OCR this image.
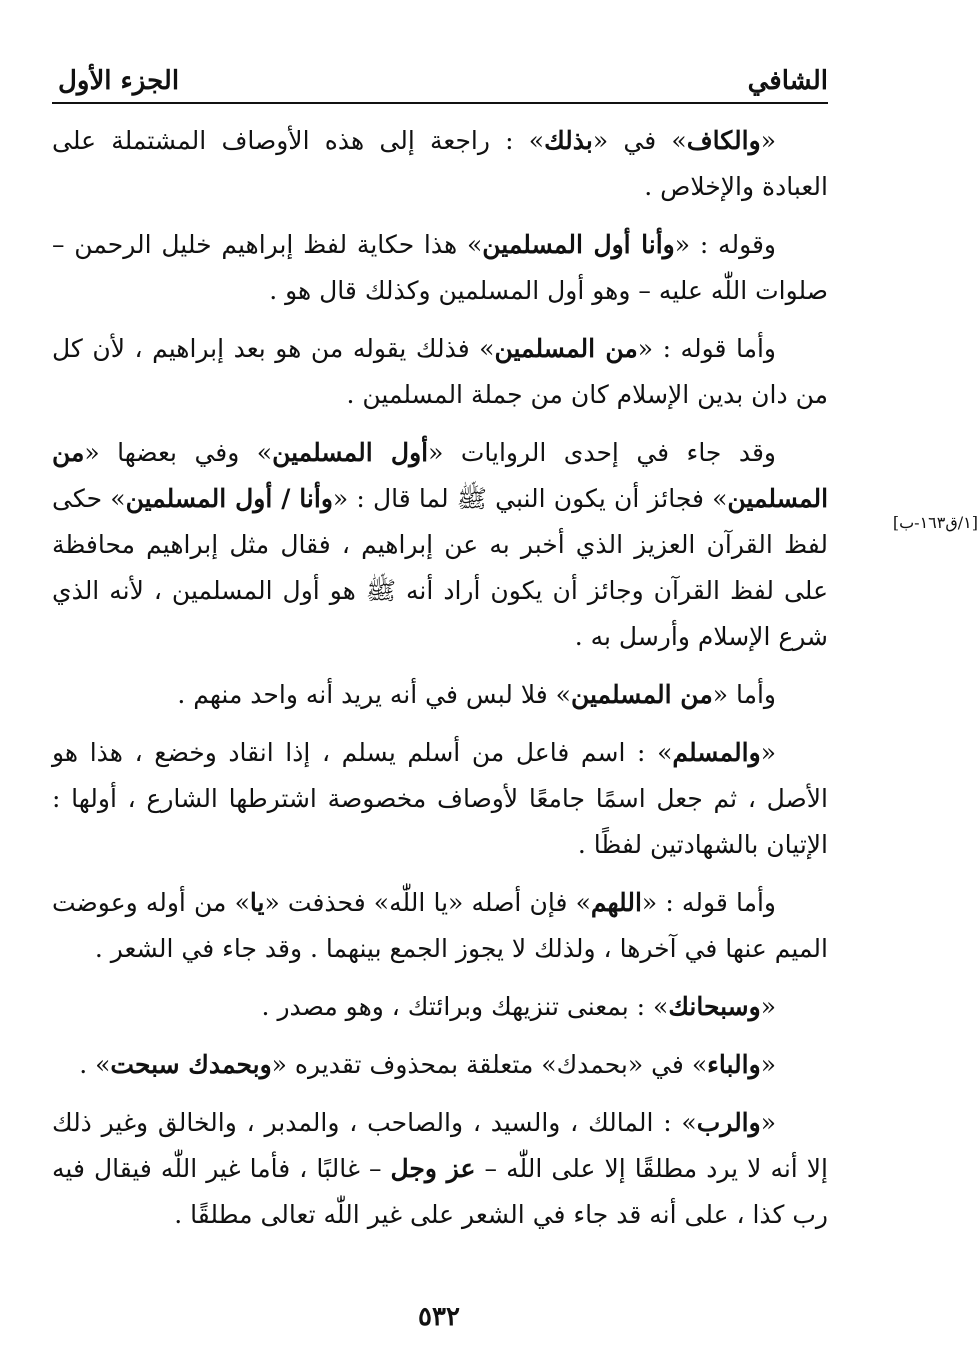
الجزء الأول	الشافي
[١/ق١٦٣-ب]

«والكاف» في «بذلك» : راجعة إلى هذه الأوصاف المشتملة على العبادة والإخلاص .

وقوله : «وأنا أول المسلمين» هذا حكاية لفظ إبراهيم خليل الرحمن – صلوات اللّٰه عليه – وهو أول المسلمين وكذلك قال هو .

وأما قوله : «من المسلمين» فذلك يقوله من هو بعد إبراهيم ، لأن كل من دان بدين الإسلام كان من جملة المسلمين .

وقد جاء في إحدى الروايات «أول المسلمين» وفي بعضها «من المسلمين» فجائز أن يكون النبي ﷺ لما قال : «وأنا / أول المسلمين» حكى لفظ القرآن العزيز الذي أخبر به عن إبراهيم ، فقال مثل إبراهيم محافظة على لفظ القرآن وجائز أن يكون أراد أنه ﷺ هو أول المسلمين ، لأنه الذي شرع الإسلام وأرسل به .

وأما «من المسلمين» فلا لبس في أنه يريد أنه واحد منهم .

«والمسلم» : اسم فاعل من أسلم يسلم ، إذا انقاد وخضع ، هذا هو الأصل ، ثم جعل اسمًا جامعًا لأوصاف مخصوصة اشترطها الشارع ، أولها : الإتيان بالشهادتين لفظًا .

وأما قوله : «اللهم» فإن أصله «يا اللّٰه» فحذفت «يا» من أوله وعوضت الميم عنها في آخرها ، ولذلك لا يجوز الجمع بينهما . وقد جاء في الشعر .

«وسبحانك» : بمعنى تنزيهك وبرائتك ، وهو مصدر .

«والباء» في «بحمدك» متعلقة بمحذوف تقديره «وبحمدك سبحت» .

«والرب» : المالك ، والسيد ، والصاحب ، والمدبر ، والخالق وغير ذلك إلا أنه لا يرد مطلقًا إلا على اللّٰه – عز وجل – غالبًا ، فأما غير اللّٰه فيقال فيه رب كذا ، على أنه قد جاء في الشعر على غير اللّٰه تعالى مطلقًا .

٥٣٢
